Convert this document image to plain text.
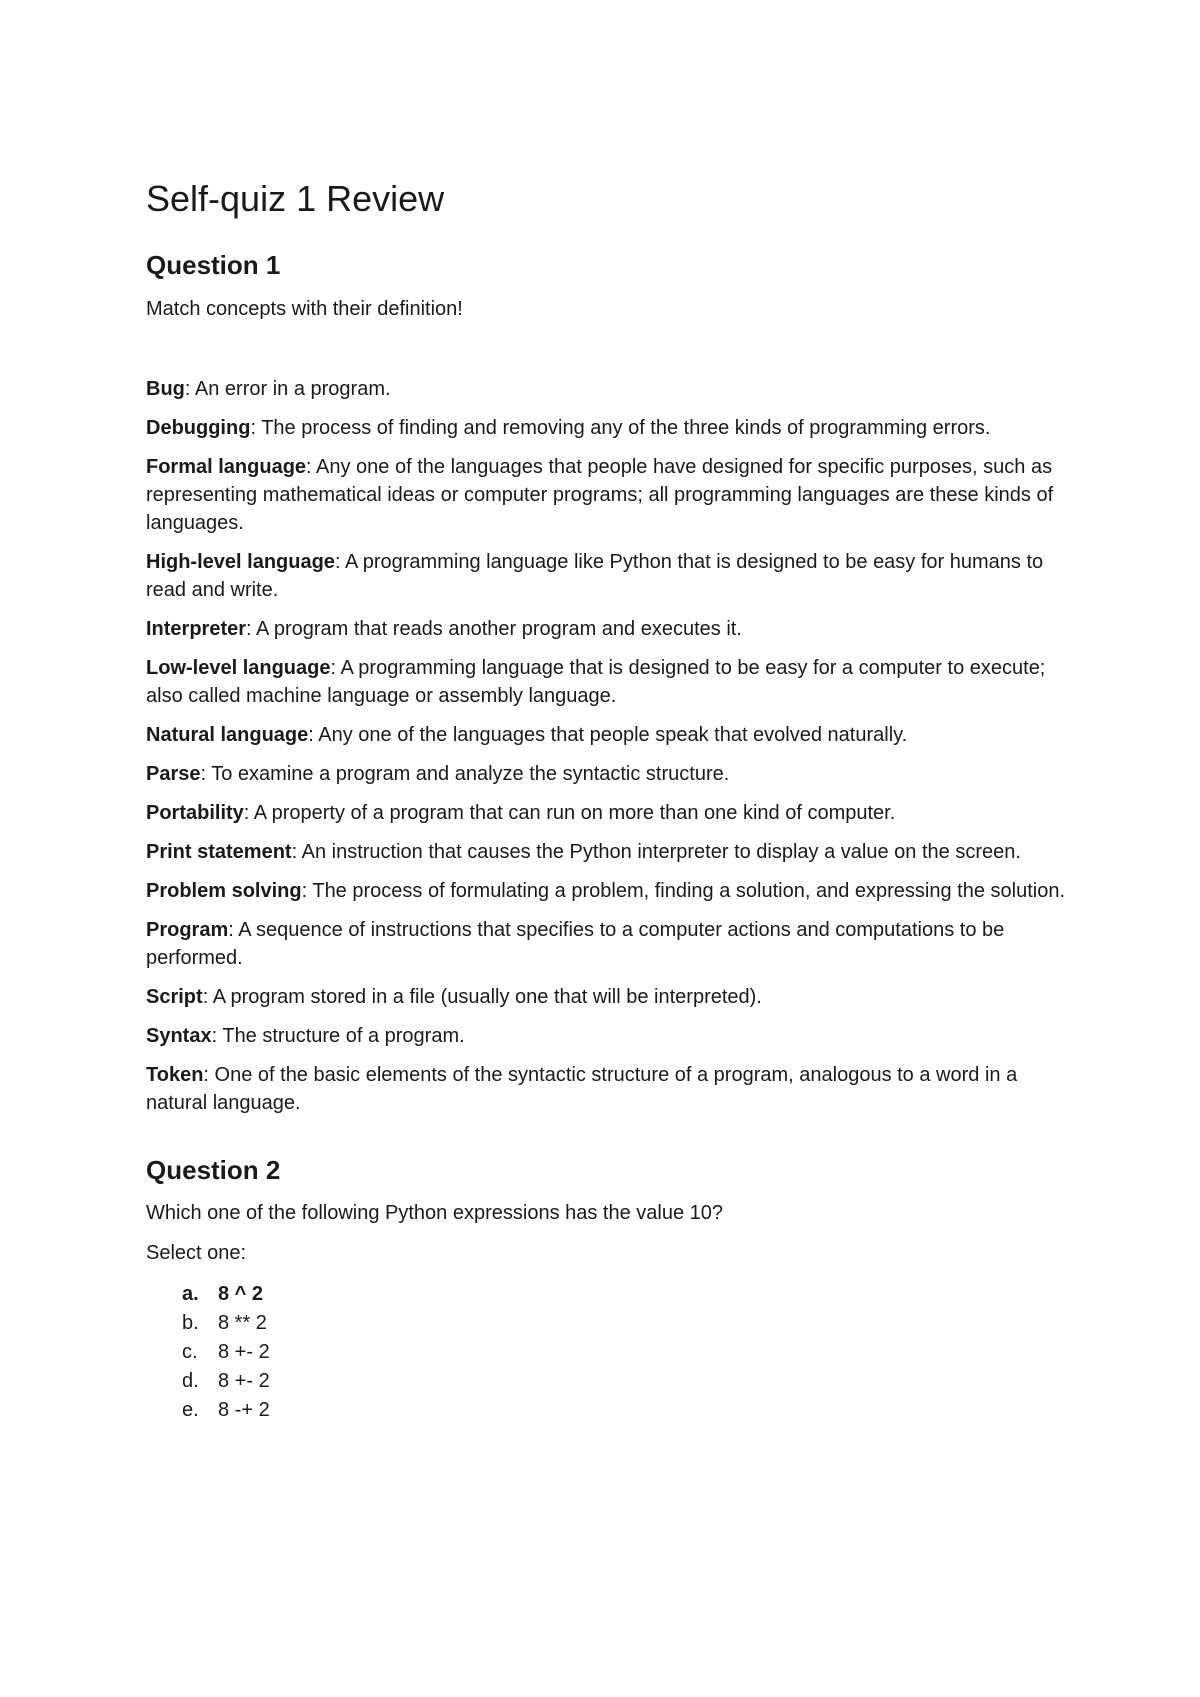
Self-quiz 1 Review
Question 1

Match concepts with their definition!

Bug: An error in a program.

Debugging: The process of finding and removing any of the three kinds of programming errors.

Formal language: Any one of the languages that people have designed for specific purposes, such as representing mathematical ideas or computer programs; all programming languages are these kinds of languages.

High-level language: A programming language like Python that is designed to be easy for humans to read and write.

Interpreter: A program that reads another program and executes it.

Low-level language: A programming language that is designed to be easy for a computer to execute; also called machine language or assembly language.

Natural language: Any one of the languages that people speak that evolved naturally.

Parse: To examine a program and analyze the syntactic structure.

Portability: A property of a program that can run on more than one kind of computer.

Print statement: An instruction that causes the Python interpreter to display a value on the screen.

Problem solving: The process of formulating a problem, finding a solution, and expressing the solution.

Program: A sequence of instructions that specifies to a computer actions and computations to be performed.

Script: A program stored in a file (usually one that will be interpreted).

Syntax: The structure of a program.

Token: One of the basic elements of the syntactic structure of a program, analogous to a word in a natural language.

Question 2

Which one of the following Python expressions has the value 10?

Select one:

a. 8 ^ 2
b. 8 ** 2
c.	8 +- 2
d. 8 +- 2
e. 8 -+ 2
